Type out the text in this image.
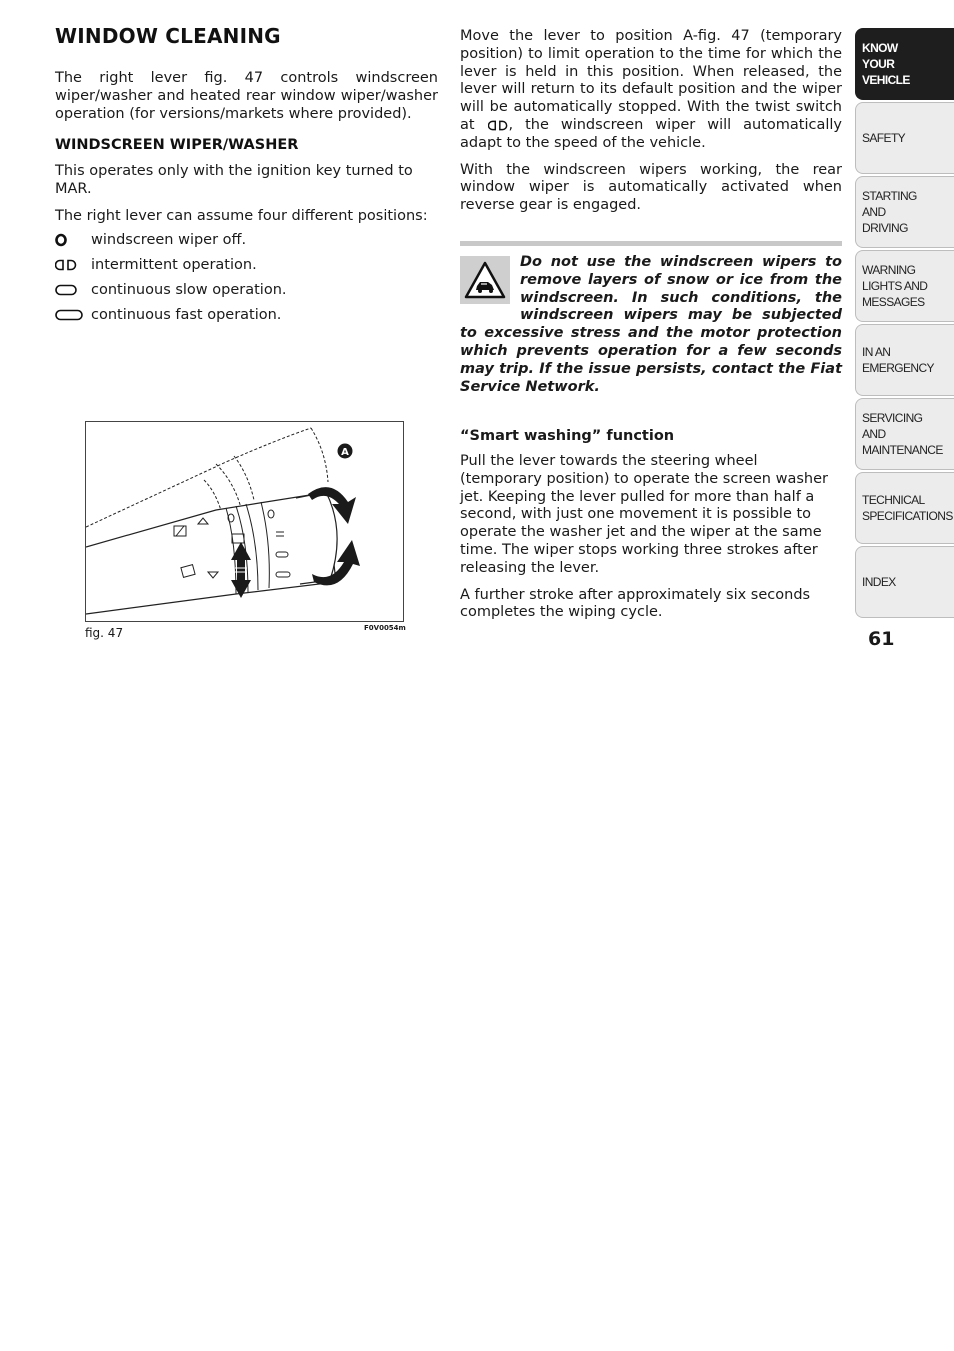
WINDOW CLEANING

The right lever fig. 47 controls windscreen wiper/washer and heated rear window wiper/washer operation (for versions/markets where provided).

WINDSCREEN WIPER/WASHER

This operates only with the ignition key turned to MAR.

The right lever can assume four different positions:

windscreen wiper off.
intermittent operation.
continuous slow operation.
continuous fast operation.
A
fig. 47	F0V0054m

Move the lever to position A-fig. 47 (temporary position) to limit operation to the time for which the lever is held in this position. When released, the lever will return to its default position and the wiper will be automatically stopped. With the twist switch at , the windscreen wiper will automatically adapt to the speed of the vehicle.

With the windscreen wipers working, the rear window wiper is automatically activated when reverse gear is engaged.

Do not use the windscreen wipers to remove layers of snow or ice from the windscreen. In such conditions, the windscreen wipers may be subjected to excessive stress and the motor protection which prevents operation for a few seconds may trip. If the issue persists, contact the Fiat Service Network.

“Smart washing” function

Pull the lever towards the steering wheel (temporary position) to operate the screen washer jet. Keeping the lever pulled for more than half a second, with just one movement it is possible to operate the washer jet and the wiper at the same time. The wiper stops working three strokes after releasing the lever.

A further stroke after approximately six seconds completes the wiping cycle.

KNOW
YOUR
VEHICLE
SAFETY
STARTING
AND
DRIVING
WARNING
LIGHTS AND
MESSAGES
IN AN
EMERGENCY
SERVICING
AND
MAINTENANCE
TECHNICAL
SPECIFICATIONS
INDEX
61
